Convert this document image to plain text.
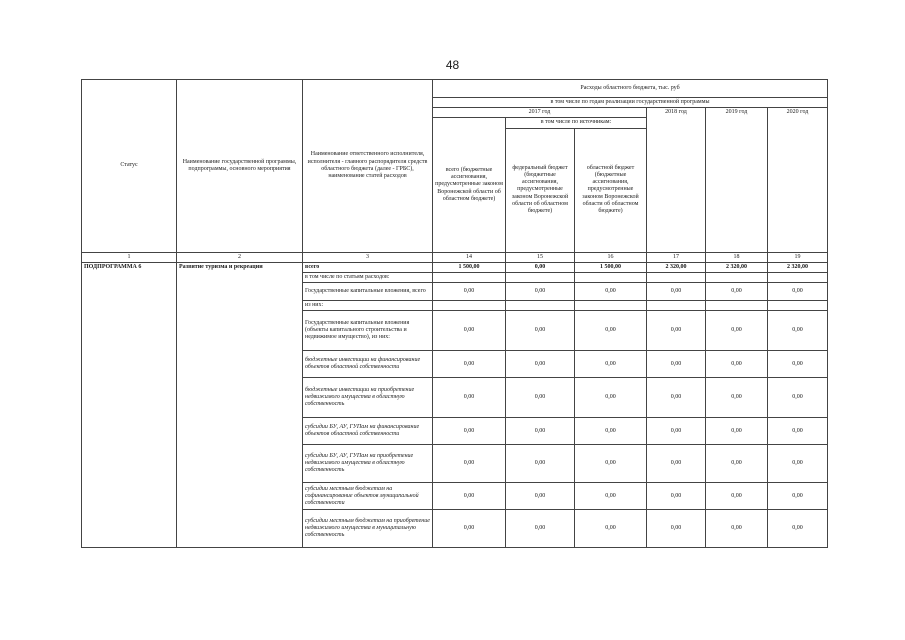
48
Статус	Наименование государственной программы, подпрограммы, основного мероприятия	Наименование ответственного исполнителя, исполнителя - главного распорядителя средств областного бюджета (далее - ГРБС), наименование статей расходов	Расходы областного бюджета, тыс. руб					
			в том числе по годам реализации государственной программы					
			2017 год			2018 год	2019 год	2020 год
			всего (бюджетные ассигнования, предусмотренные законом Воронежской области об областном бюджете)	в том числе по источникам:				
				федеральный бюджет (бюджетные ассигнования, предусмотренные законом Воронежской области об областном бюджете)	областной бюджет (бюджетные ассигнования, предусмотренные законом Воронежской области об областном бюджете)			
1	2	3	14	15	16	17	18	19
ПОДПРОГРАММА 6	Развитие туризма и рекреации	всего	1 500,00	0,00	1 500,00	2 320,00	2 320,00	2 320,00
		в том числе по статьям расходов:						
		Государственные капитальные вложения, всего	0,00	0,00	0,00	0,00	0,00	0,00
		из них:						
		Государственные капитальные вложения (объекты капитального строительства и недвижимое имущество), из них:	0,00	0,00	0,00	0,00	0,00	0,00
		бюджетные инвестиции на финансирование объектов областной собственности	0,00	0,00	0,00	0,00	0,00	0,00
		бюджетные инвестиции на приобретение недвижимого имущества в областную собственность	0,00	0,00	0,00	0,00	0,00	0,00
		субсидии БУ, АУ, ГУПам на финансирование объектов областной собственности	0,00	0,00	0,00	0,00	0,00	0,00
		субсидии БУ, АУ, ГУПам на приобретение недвижимого имущества в областную собственность	0,00	0,00	0,00	0,00	0,00	0,00
		субсидии местным бюджетам на софинансирование объектов муниципальной собственности	0,00	0,00	0,00	0,00	0,00	0,00
		субсидии местным бюджетам на приобретение недвижимого имущества в муниципальную собственность	0,00	0,00	0,00	0,00	0,00	0,00
